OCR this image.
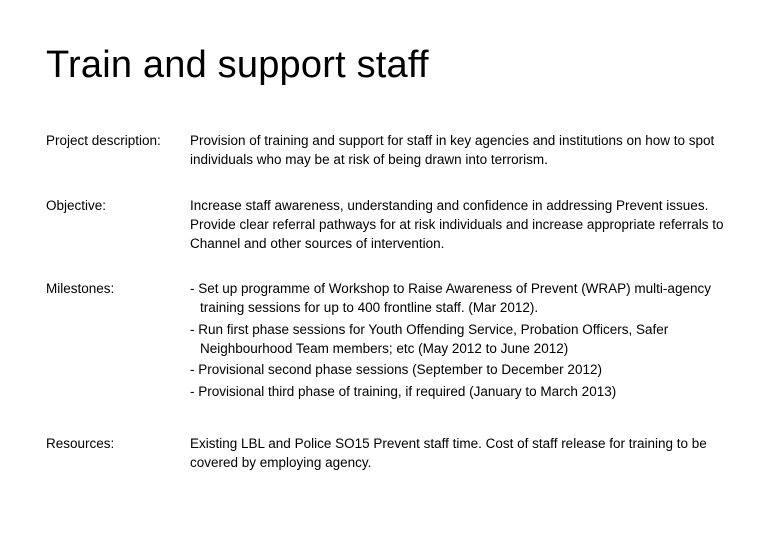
Train and support staff
Project description:	Provision of training and support for staff in key agencies and institutions on how to spot individuals who may be at risk of being drawn into terrorism.
Objective:	Increase staff awareness, understanding and confidence in addressing Prevent issues. Provide clear referral pathways for at risk individuals and increase appropriate referrals to Channel and other sources of intervention.
Milestones:	- Set up programme of Workshop to Raise Awareness of Prevent (WRAP) multi-agency training sessions for up to 400 frontline staff. (Mar 2012).
- Run first phase sessions for Youth Offending Service, Probation Officers, Safer Neighbourhood Team members; etc (May 2012 to June 2012)
- Provisional second phase sessions (September to December 2012)
- Provisional third phase of training, if required (January to March 2013)
Resources:	Existing LBL and Police SO15 Prevent staff time. Cost of staff release for training to be covered by employing agency.
